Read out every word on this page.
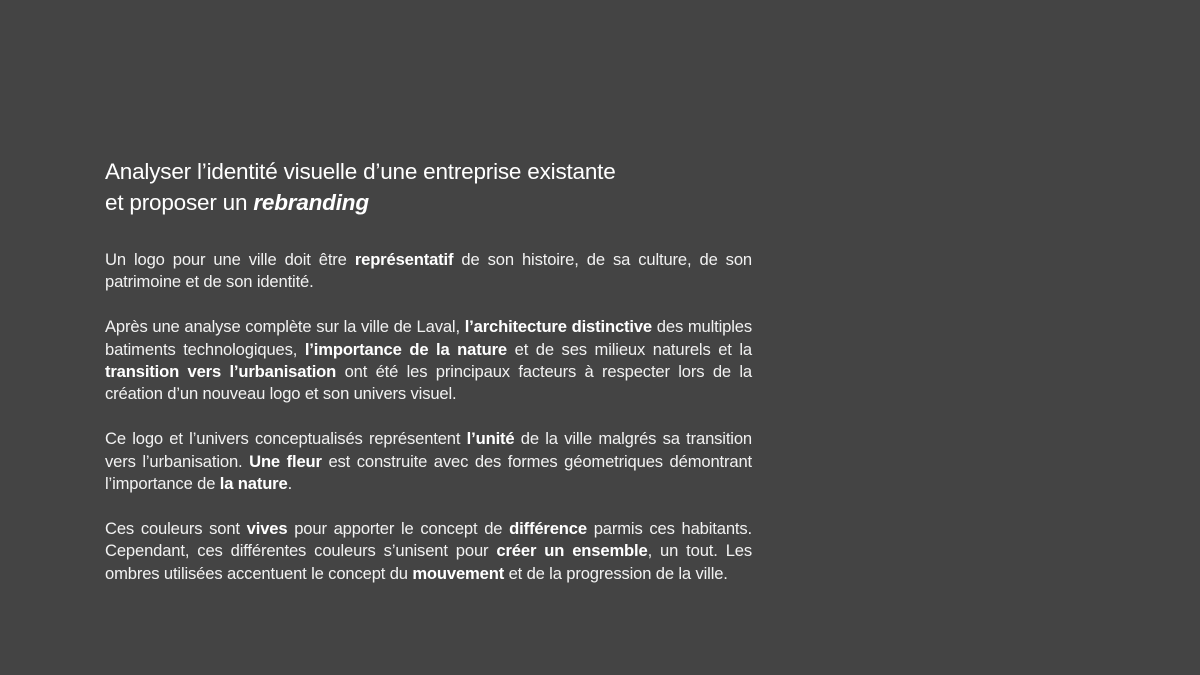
Analyser l’identité visuelle d’une entreprise existante
et proposer un rebranding

Un logo pour une ville doit être représentatif de son histoire, de sa culture, de son patrimoine et de son identité.

Après une analyse complète sur la ville de Laval, l’architecture distinctive des multiples batiments technologiques, l’importance de la nature et de ses milieux naturels et la transition vers l’urbanisation ont été les principaux facteurs à respecter lors de la création d’un nouveau logo et son univers visuel.

Ce logo et l’univers conceptualisés représentent l’unité de la ville malgrés sa transition vers l’urbanisation. Une fleur est construite avec des formes géometriques démontrant l’importance de la nature.

Ces couleurs sont vives pour apporter le concept de différence parmis ces habitants. Cependant, ces différentes couleurs s’unisent pour créer un ensemble, un tout. Les ombres utilisées accentuent le concept du mouvement et de la progression de la ville.
